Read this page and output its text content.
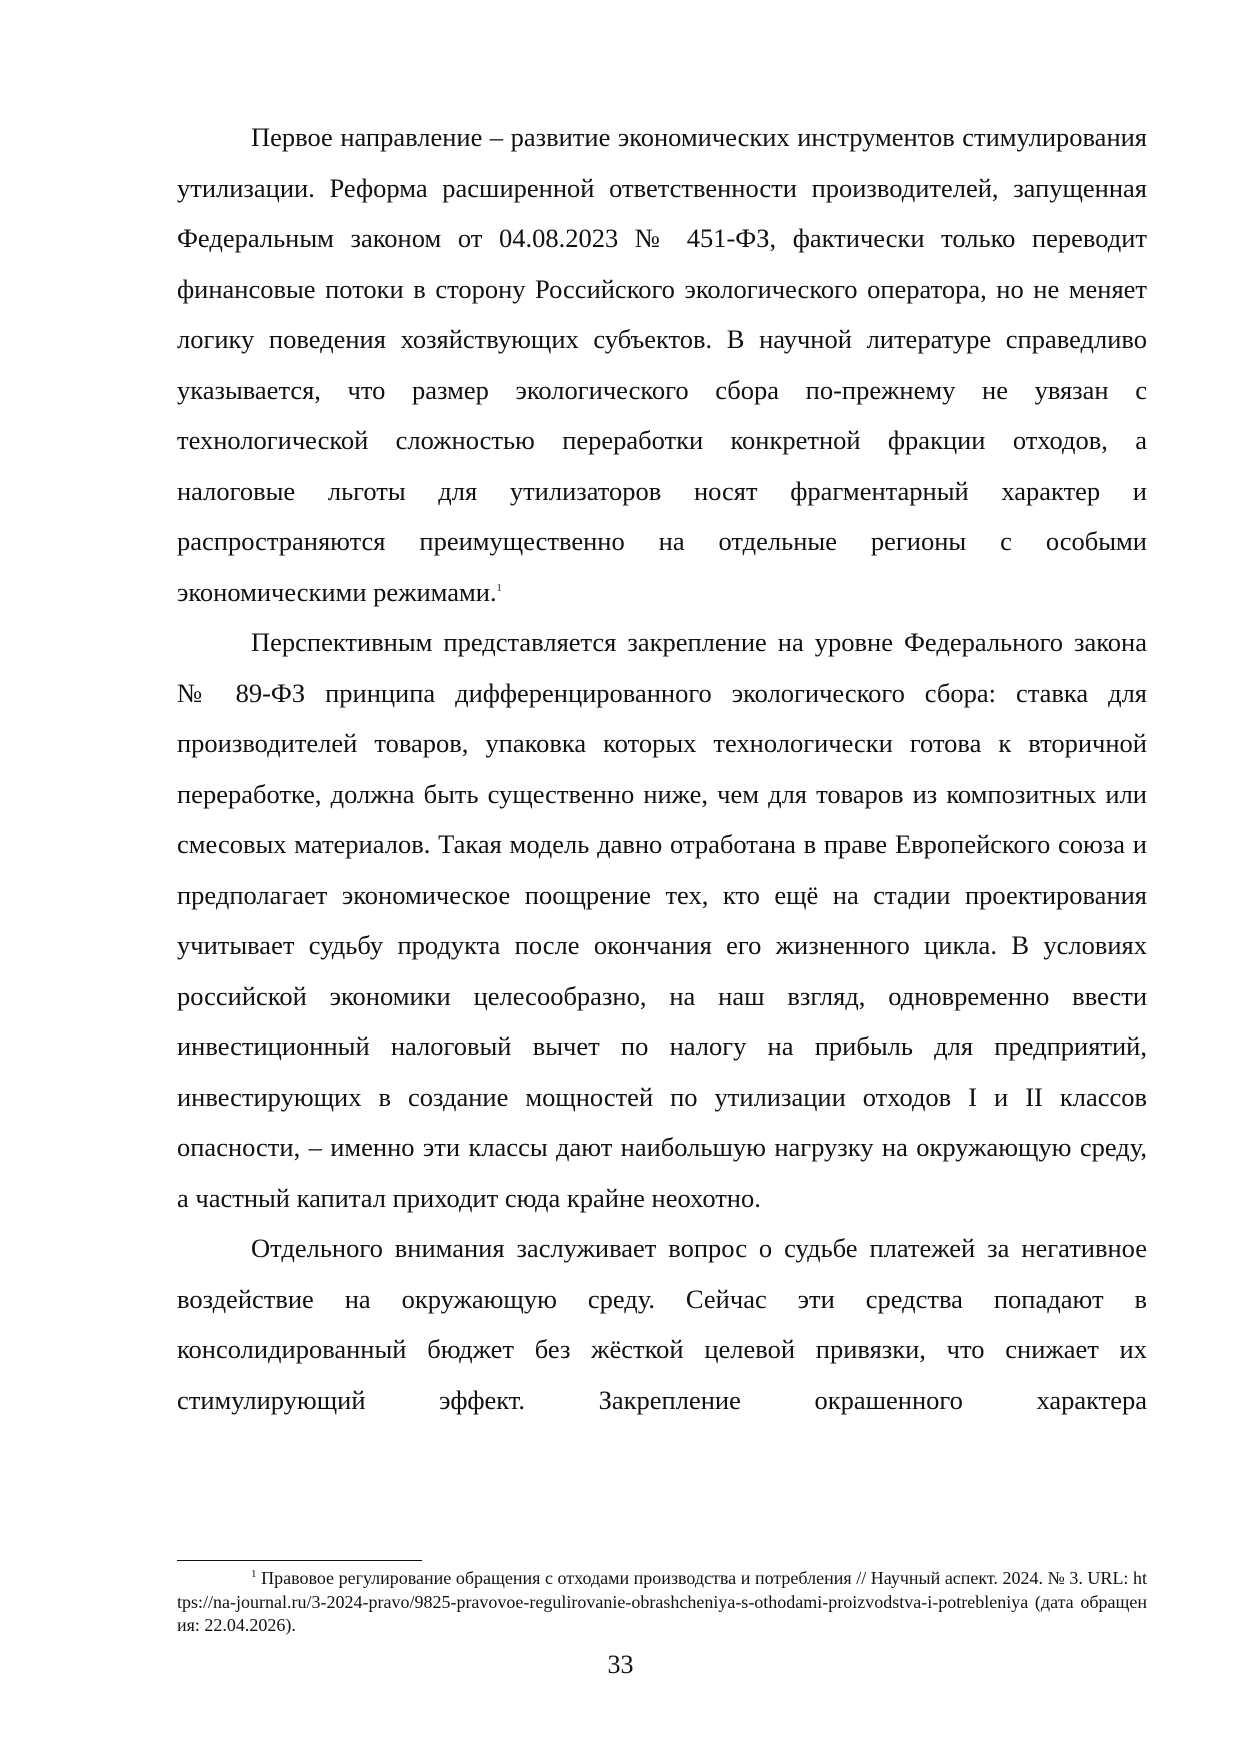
Первое направление – развитие экономических инструментов стимулирования утилизации. Реформа расширенной ответственности производителей, запущенная Федеральным законом от 04.08.2023 № 451-ФЗ, фактически только переводит финансовые потоки в сторону Российского экологического оператора, но не меняет логику поведения хозяйствующих субъектов. В научной литературе справедливо указывается, что размер экологического сбора по-прежнему не увязан с технологической сложностью переработки конкретной фракции отходов, а налоговые льготы для утилизаторов носят фрагментарный характер и распространяются преимущественно на отдельные регионы с особыми экономическими режимами.$^1$

Перспективным представляется закрепление на уровне Федерального закона № 89-ФЗ принципа дифференцированного экологического сбора: ставка для производителей товаров, упаковка которых технологически готова к вторичной переработке, должна быть существенно ниже, чем для товаров из композитных или смесовых материалов. Такая модель давно отработана в праве Европейского союза и предполагает экономическое поощрение тех, кто ещё на стадии проектирования учитывает судьбу продукта после окончания его жизненного цикла. В условиях российской экономики целесообразно, на наш взгляд, одновременно ввести инвестиционный налоговый вычет по налогу на прибыль для предприятий, инвестирующих в создание мощностей по утилизации отходов I и II классов опасности, – именно эти классы дают наибольшую нагрузку на окружающую среду, а частный капитал приходит сюда крайне неохотно.

Отдельного внимания заслуживает вопрос о судьбе платежей за негативное воздействие на окружающую среду. Сейчас эти средства попадают в консолидированный бюджет без жёсткой целевой привязки, что снижает их стимулирующий эффект. Закрепление окрашенного характера

$^1$ Правовое регулирование обращения с отходами производства и потребления // Научный аспект. 2024. № 3. URL: https://na-journal.ru/3-2024-pravo/9825-pravovoe-regulirovanie-obrashcheniya-s-othodami-proizvodstva-i-potrebleniya (дата обращения: 22.04.2026).

33
